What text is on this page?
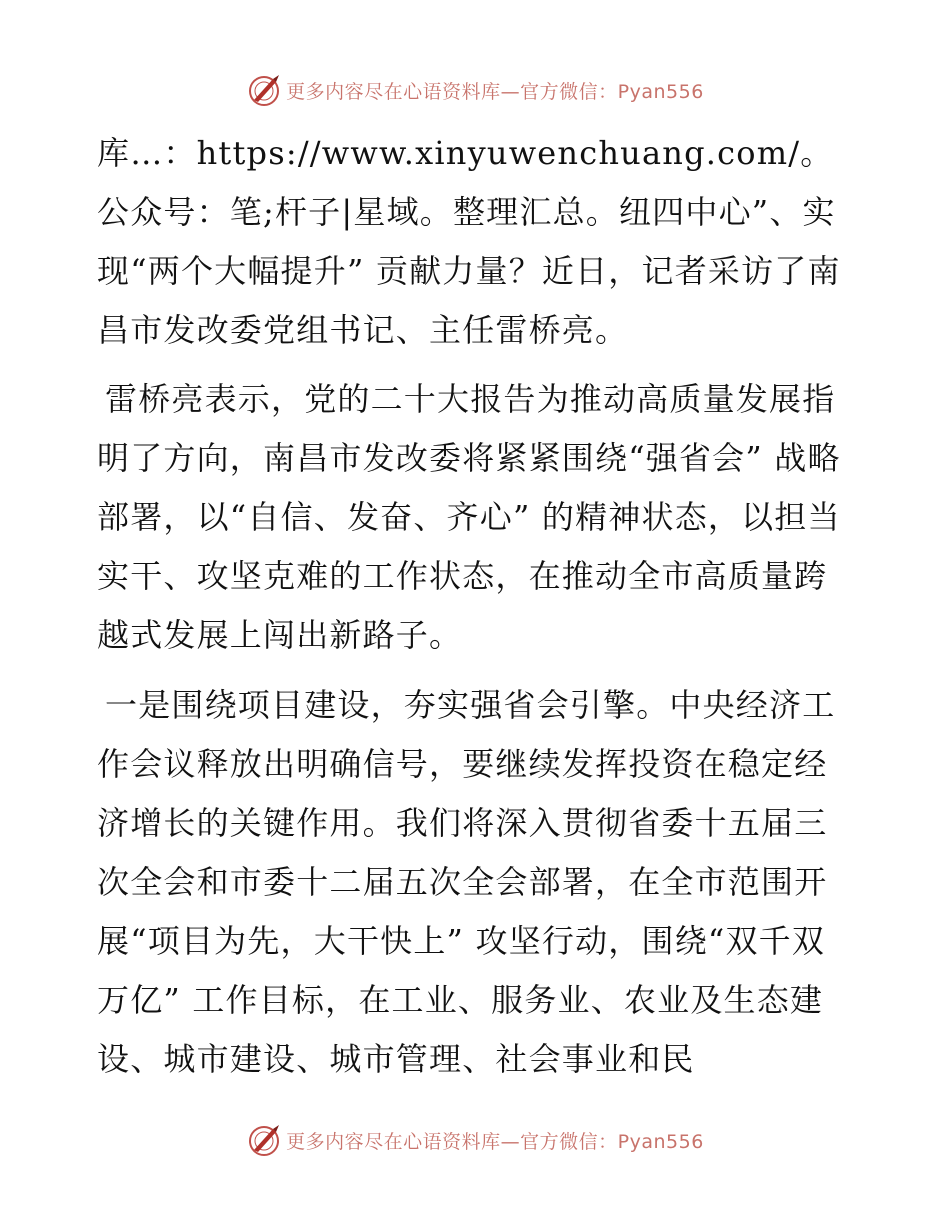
更多内容尽在心语资料库—官方微信：Pyan556

库…：https://www.xinyuwenchuang.com/。公众号：笔;杆子|星域。整理汇总。纽四中心”、实现“两个大幅提升” 贡献力量？近日，记者采访了南昌市发改委党组书记、主任雷桥亮。

雷桥亮表示，党的二十大报告为推动高质量发展指明了方向，南昌市发改委将紧紧围绕“强省会” 战略部署，以“自信、发奋、齐心” 的精神状态，以担当实干、攻坚克难的工作状态，在推动全市高质量跨越式发展上闯出新路子。

一是围绕项目建设，夯实强省会引擎。中央经济工作会议释放出明确信号，要继续发挥投资在稳定经济增长的关键作用。我们将深入贯彻省委十五届三次全会和市委十二届五次全会部署，在全市范围开展“项目为先，大干快上” 攻坚行动，围绕“双千双万亿” 工作目标，在工业、服务业、农业及生态建设、城市建设、城市管理、社会事业和民

更多内容尽在心语资料库—官方微信：Pyan556
